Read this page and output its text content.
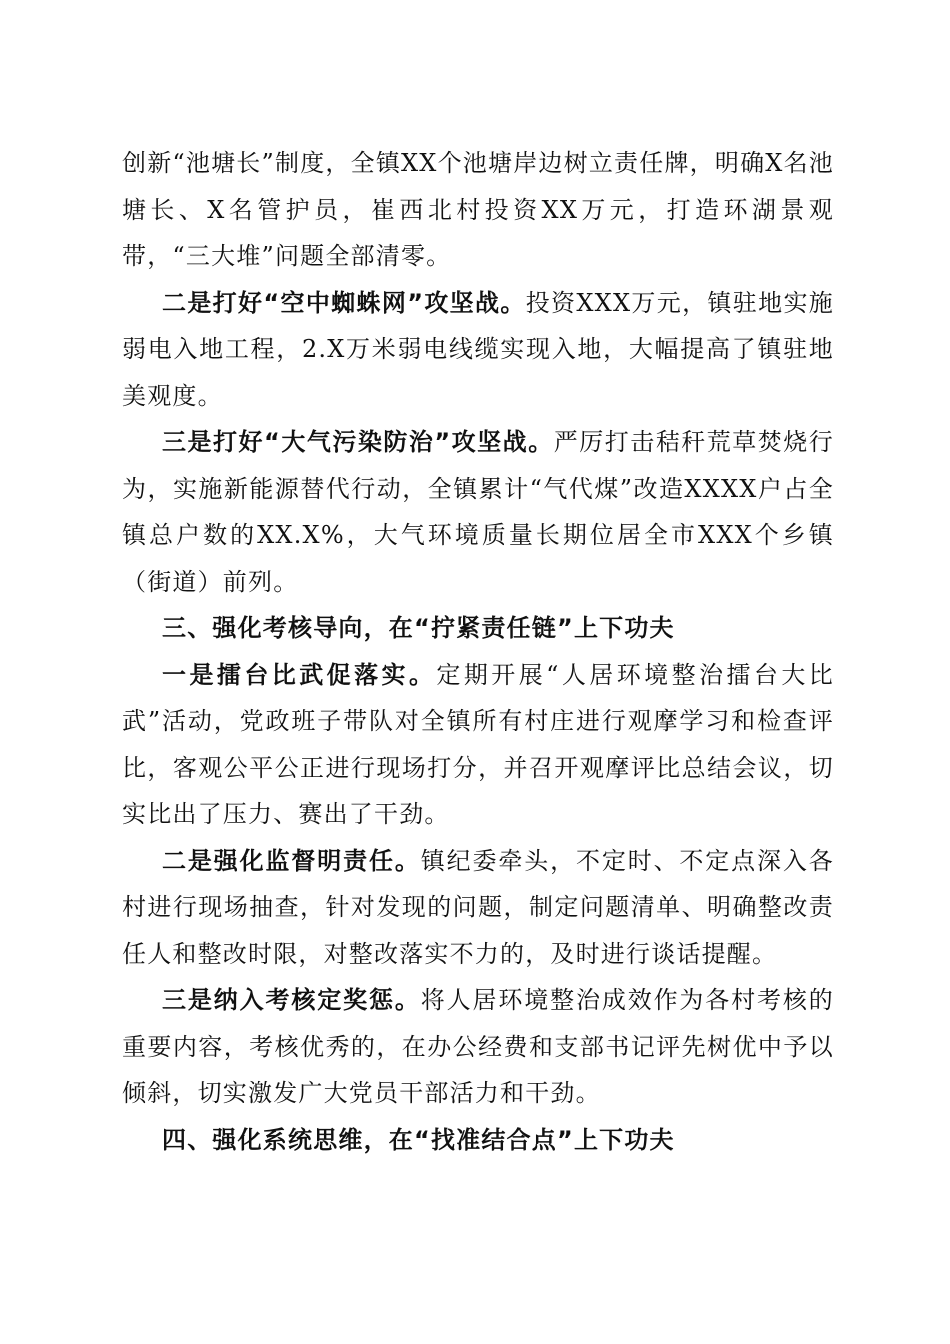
创新“池塘长”制度，全镇XX个池塘岸边树立责任牌，明确X名池塘长、X名管护员，崔西北村投资XX万元，打造环湖景观带，“三大堆”问题全部清零。

二是打好“空中蜘蛛网”攻坚战。投资XXX万元，镇驻地实施弱电入地工程，2.X万米弱电线缆实现入地，大幅提高了镇驻地美观度。

三是打好“大气污染防治”攻坚战。严厉打击秸秆荒草焚烧行为，实施新能源替代行动，全镇累计“气代煤”改造XXXX户占全镇总户数的XX.X%，大气环境质量长期位居全市XXX个乡镇（街道）前列。

三、强化考核导向，在“拧紧责任链”上下功夫

一是擂台比武促落实。定期开展“人居环境整治擂台大比武”活动，党政班子带队对全镇所有村庄进行观摩学习和检查评比，客观公平公正进行现场打分，并召开观摩评比总结会议，切实比出了压力、赛出了干劲。

二是强化监督明责任。镇纪委牵头，不定时、不定点深入各村进行现场抽查，针对发现的问题，制定问题清单、明确整改责任人和整改时限，对整改落实不力的，及时进行谈话提醒。

三是纳入考核定奖惩。将人居环境整治成效作为各村考核的重要内容，考核优秀的，在办公经费和支部书记评先树优中予以倾斜，切实激发广大党员干部活力和干劲。

四、强化系统思维，在“找准结合点”上下功夫
